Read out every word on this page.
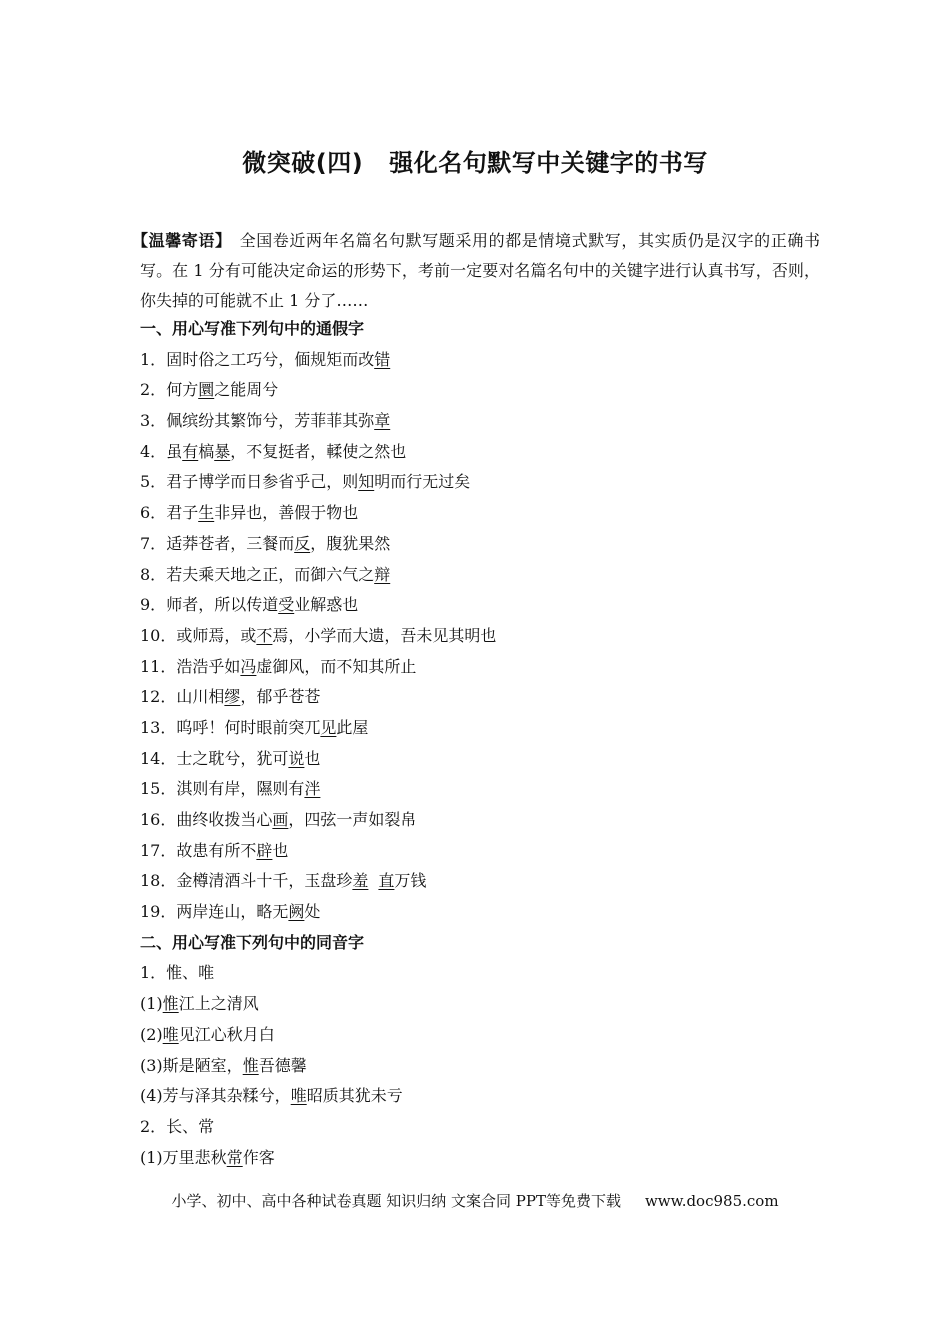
微突破(四) 强化名句默写中关键字的书写
【温馨寄语】 全国卷近两年名篇名句默写题采用的都是情境式默写，其实质仍是汉字的正确书写。在 1 分有可能决定命运的形势下，考前一定要对名篇名句中的关键字进行认真书写，否则，你失掉的可能就不止 1 分了……
一、用心写准下列句中的通假字
1．固时俗之工巧兮，偭规矩而改错
2．何方圜之能周兮
3．佩缤纷其繁饰兮，芳菲菲其弥章
4．虽有槁暴，不复挺者，輮使之然也
5．君子博学而日参省乎己，则知明而行无过矣
6．君子生非异也，善假于物也
7．适莽苍者，三餐而反，腹犹果然
8．若夫乘天地之正，而御六气之辩
9．师者，所以传道受业解惑也
10．或师焉，或不焉，小学而大遗，吾未见其明也
11．浩浩乎如冯虚御风，而不知其所止
12．山川相缪，郁乎苍苍
13．呜呼！何时眼前突兀见此屋
14．士之耽兮，犹可说也
15．淇则有岸，隰则有泮
16．曲终收拨当心画，四弦一声如裂帛
17．故患有所不辟也
18．金樽清酒斗十千，玉盘珍羞 直万钱
19．两岸连山，略无阙处
二、用心写准下列句中的同音字
1．惟、唯
(1)惟江上之清风
(2)唯见江心秋月白
(3)斯是陋室，惟吾德馨
(4)芳与泽其杂糅兮，唯昭质其犹未亏
2．长、常
(1)万里悲秋常作客
小学、初中、高中各种试卷真题 知识归纳 文案合同 PPT等免费下载 www.doc985.com
